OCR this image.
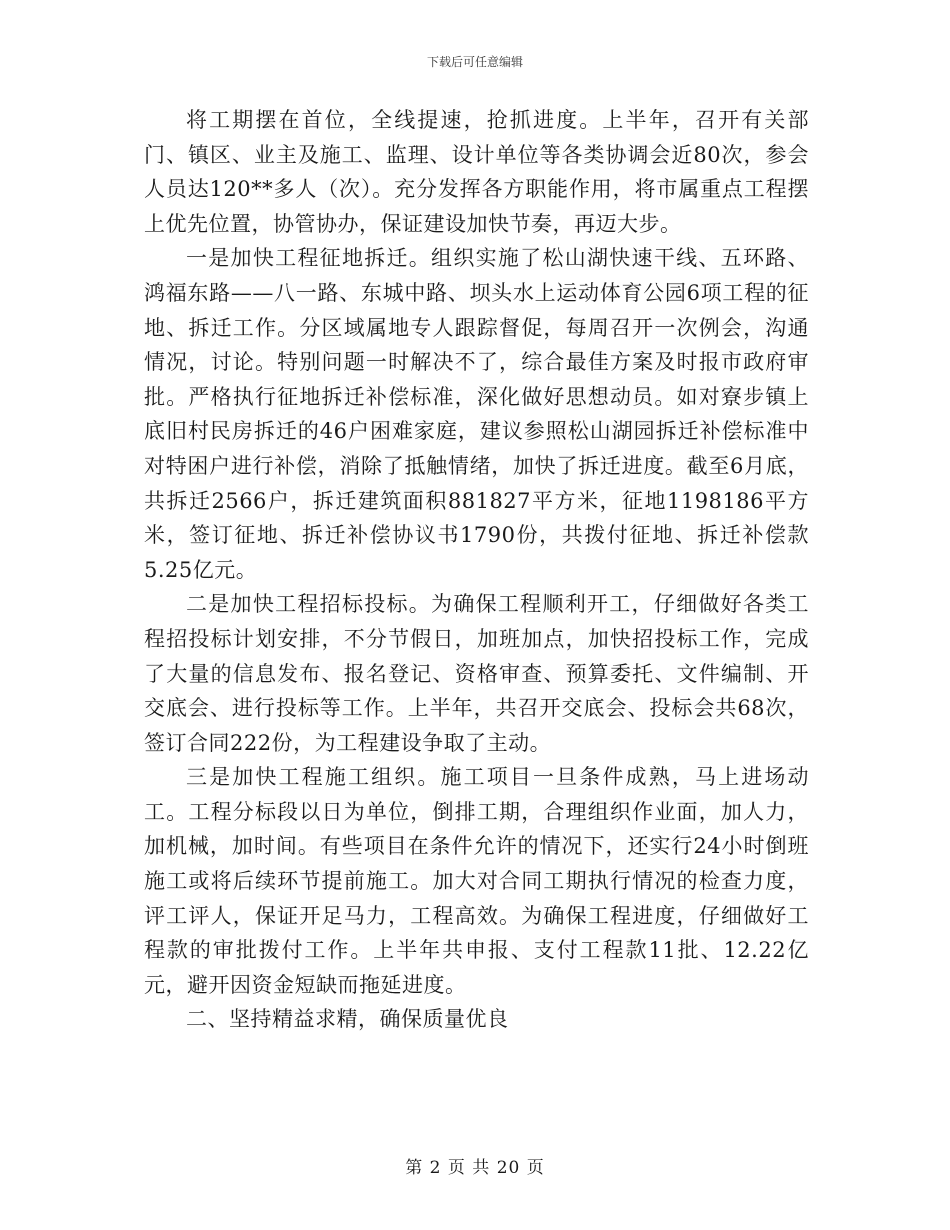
下载后可任意编辑

将工期摆在首位，全线提速，抢抓进度。上半年，召开有关部门、镇区、业主及施工、监理、设计单位等各类协调会近80次，参会人员达120**多人（次）。充分发挥各方职能作用，将市属重点工程摆上优先位置，协管协办，保证建设加快节奏，再迈大步。

一是加快工程征地拆迁。组织实施了松山湖快速干线、五环路、鸿福东路——八一路、东城中路、坝头水上运动体育公园6项工程的征地、拆迁工作。分区域属地专人跟踪督促，每周召开一次例会，沟通情况，讨论。特别问题一时解决不了，综合最佳方案及时报市政府审批。严格执行征地拆迁补偿标准，深化做好思想动员。如对寮步镇上底旧村民房拆迁的46户困难家庭，建议参照松山湖园拆迁补偿标准中对特困户进行补偿，消除了抵触情绪，加快了拆迁进度。截至6月底，共拆迁2566户，拆迁建筑面积881827平方米，征地1198186平方米，签订征地、拆迁补偿协议书1790份，共拨付征地、拆迁补偿款5.25亿元。

二是加快工程招标投标。为确保工程顺利开工，仔细做好各类工程招投标计划安排，不分节假日，加班加点，加快招投标工作，完成了大量的信息发布、报名登记、资格审查、预算委托、文件编制、开交底会、进行投标等工作。上半年，共召开交底会、投标会共68次，签订合同222份，为工程建设争取了主动。

三是加快工程施工组织。施工项目一旦条件成熟，马上进场动工。工程分标段以日为单位，倒排工期，合理组织作业面，加人力，加机械，加时间。有些项目在条件允许的情况下，还实行24小时倒班施工或将后续环节提前施工。加大对合同工期执行情况的检查力度，评工评人，保证开足马力，工程高效。为确保工程进度，仔细做好工程款的审批拨付工作。上半年共申报、支付工程款11批、12.22亿元，避开因资金短缺而拖延进度。

二、坚持精益求精，确保质量优良

第 2 页 共 20 页
